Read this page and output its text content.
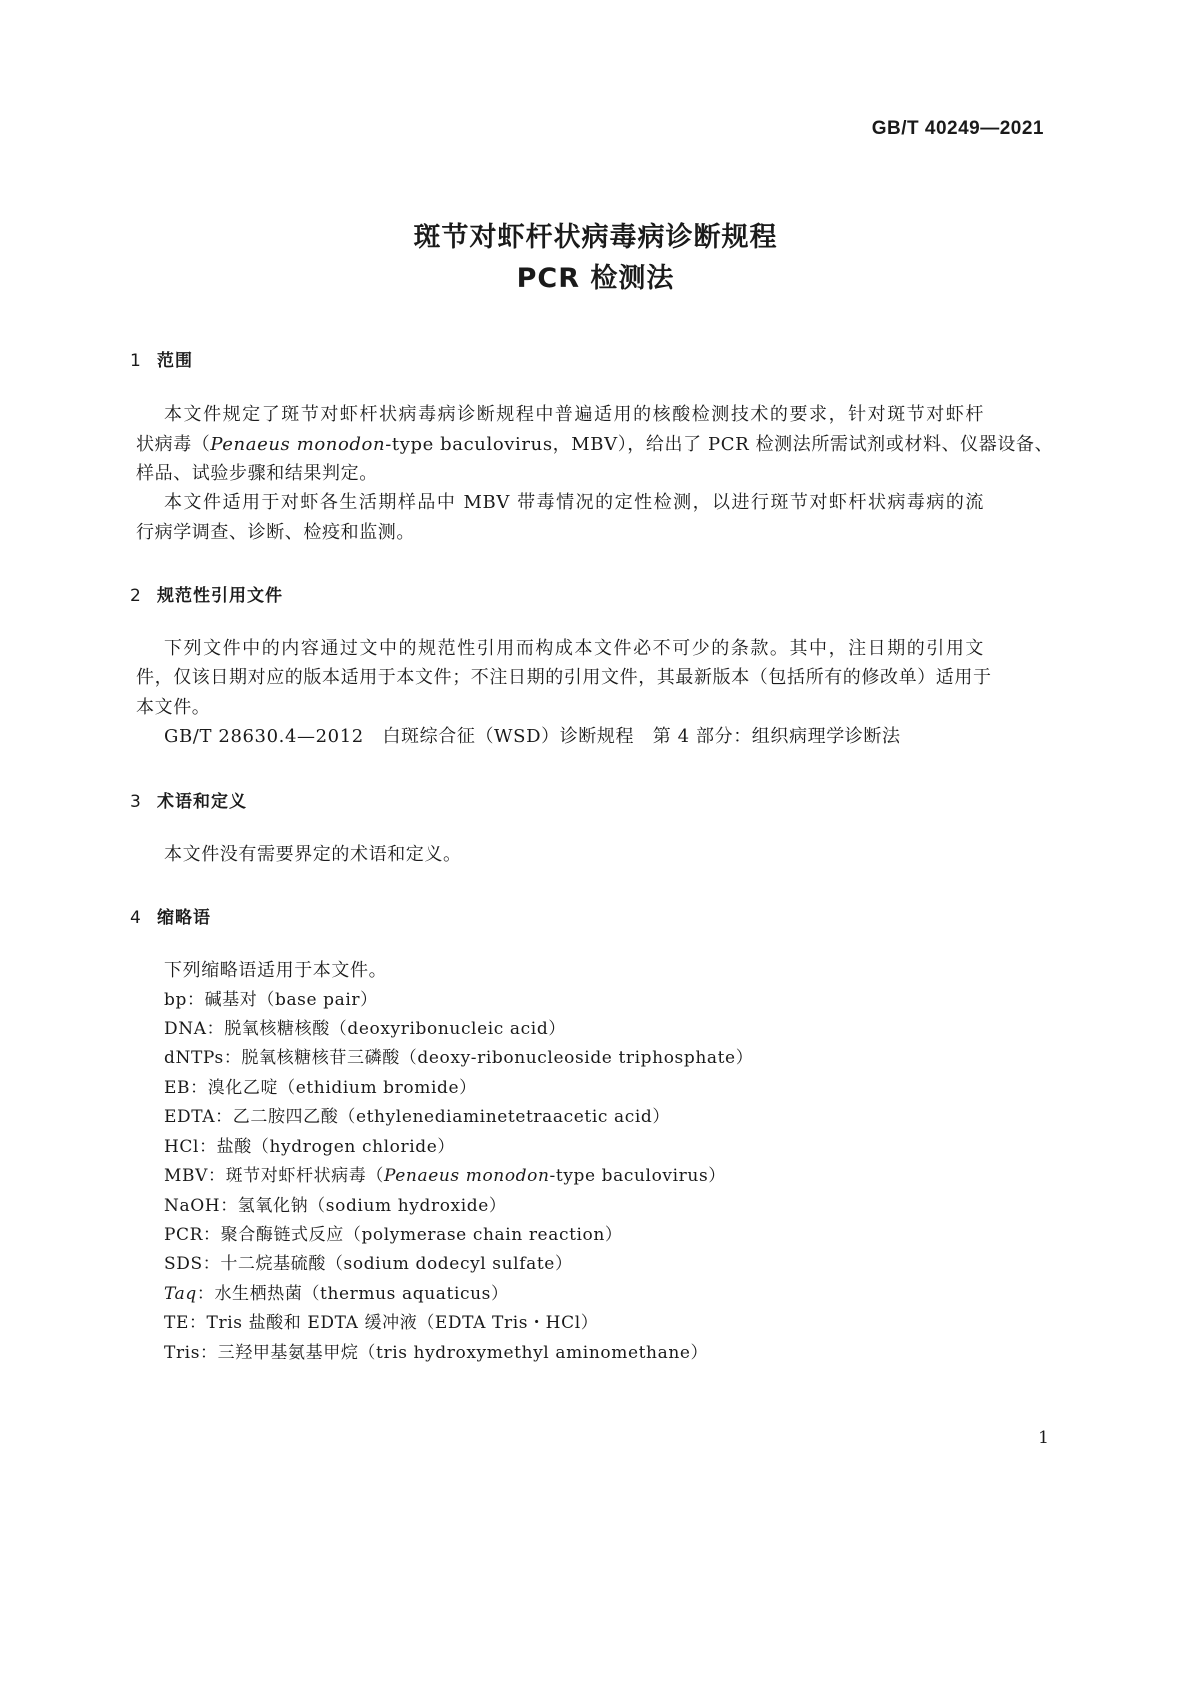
GB/T 40249—2021
斑节对虾杆状病毒病诊断规程
PCR 检测法
1 范围
本文件规定了斑节对虾杆状病毒病诊断规程中普遍适用的核酸检测技术的要求，针对斑节对虾杆
状病毒（Penaeus monodon-type baculovirus，MBV），给出了 PCR 检测法所需试剂或材料、仪器设备、
样品、试验步骤和结果判定。
本文件适用于对虾各生活期样品中 MBV 带毒情况的定性检测，以进行斑节对虾杆状病毒病的流
行病学调查、诊断、检疫和监测。
2 规范性引用文件
下列文件中的内容通过文中的规范性引用而构成本文件必不可少的条款。其中，注日期的引用文
件，仅该日期对应的版本适用于本文件；不注日期的引用文件，其最新版本（包括所有的修改单）适用于
本文件。
GB/T 28630.4—2012　白斑综合征（WSD）诊断规程　第 4 部分：组织病理学诊断法
3 术语和定义
本文件没有需要界定的术语和定义。
4 缩略语
下列缩略语适用于本文件。
bp：碱基对（base pair）
DNA：脱氧核糖核酸（deoxyribonucleic acid）
dNTPs：脱氧核糖核苷三磷酸（deoxy-ribonucleoside triphosphate）
EB：溴化乙啶（ethidium bromide）
EDTA：乙二胺四乙酸（ethylenediaminetetraacetic acid）
HCl：盐酸（hydrogen chloride）
MBV：斑节对虾杆状病毒（Penaeus monodon-type baculovirus）
NaOH：氢氧化钠（sodium hydroxide）
PCR：聚合酶链式反应（polymerase chain reaction）
SDS：十二烷基硫酸（sodium dodecyl sulfate）
Taq：水生栖热菌（thermus aquaticus）
TE：Tris 盐酸和 EDTA 缓冲液（EDTA Tris・HCl）
Tris：三羟甲基氨基甲烷（tris hydroxymethyl aminomethane）
1
